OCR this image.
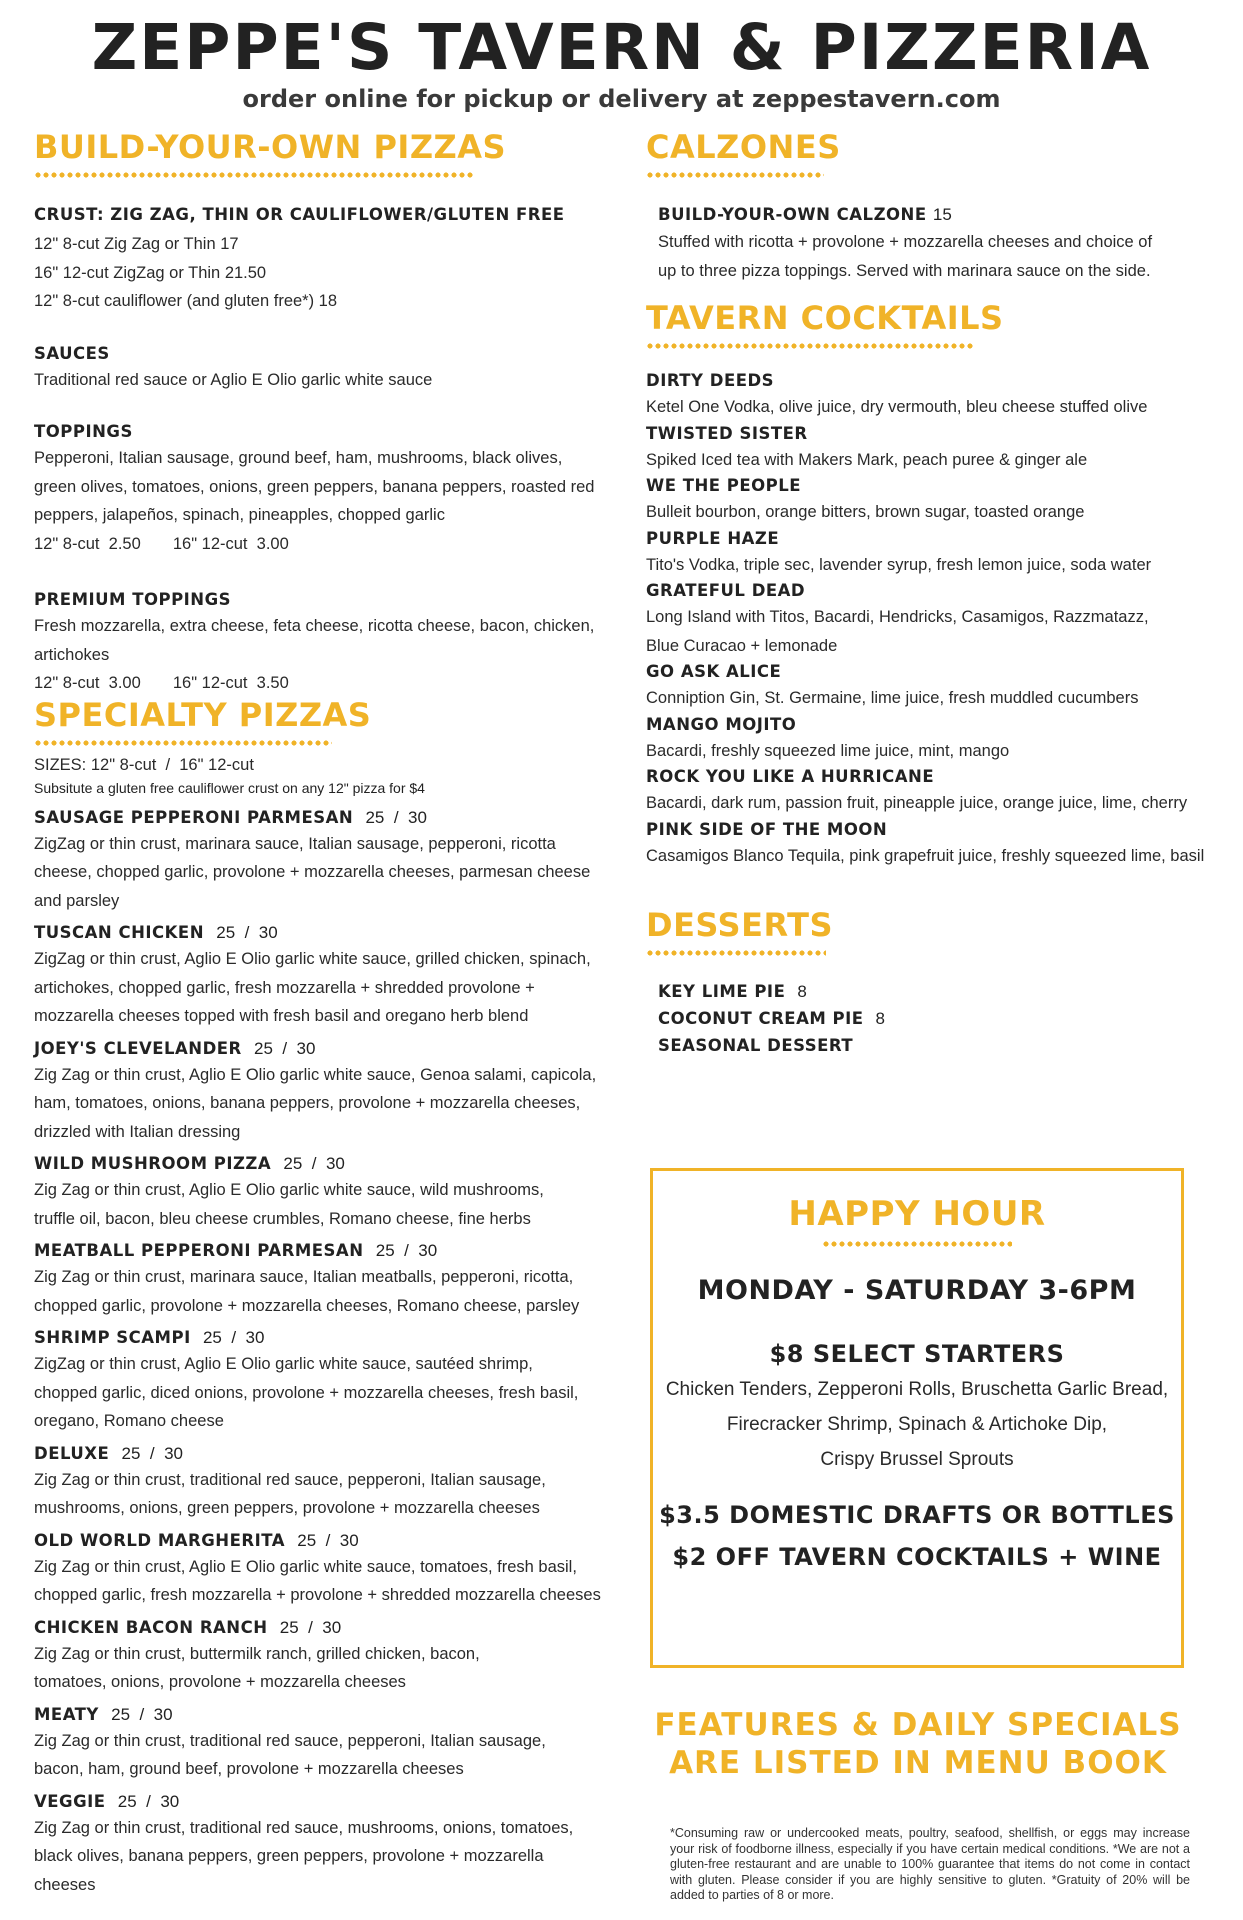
ZEPPE'S TAVERN & PIZZERIA
order online for pickup or delivery at zeppestavern.com
BUILD-YOUR-OWN PIZZAS
CRUST: ZIG ZAG, THIN OR CAULIFLOWER/GLUTEN FREE
12" 8-cut Zig Zag or Thin 17
16" 12-cut ZigZag or Thin 21.50
12" 8-cut cauliflower (and gluten free*) 18
SAUCES
Traditional red sauce or Aglio E Olio garlic white sauce
TOPPINGS
Pepperoni, Italian sausage, ground beef, ham, mushrooms, black olives,
green olives, tomatoes, onions, green peppers, banana peppers, roasted red
peppers, jalapeños, spinach, pineapples, chopped garlic
12" 8-cut  2.50       16" 12-cut  3.00
PREMIUM TOPPINGS
Fresh mozzarella, extra cheese, feta cheese, ricotta cheese, bacon, chicken,
artichokes
12" 8-cut  3.00       16" 12-cut  3.50
SPECIALTY PIZZAS
SIZES: 12" 8-cut  /  16" 12-cut
Subsitute a gluten free cauliflower crust on any 12" pizza for $4
SAUSAGE PEPPERONI PARMESAN 25  /  30
ZigZag or thin crust, marinara sauce, Italian sausage, pepperoni, ricotta
cheese, chopped garlic, provolone + mozzarella cheeses, parmesan cheese
and parsley
TUSCAN CHICKEN 25  /  30
ZigZag or thin crust, Aglio E Olio garlic white sauce, grilled chicken, spinach,
artichokes, chopped garlic, fresh mozzarella + shredded provolone +
mozzarella cheeses topped with fresh basil and oregano herb blend
JOEY'S CLEVELANDER 25  /  30
Zig Zag or thin crust, Aglio E Olio garlic white sauce, Genoa salami, capicola,
ham, tomatoes, onions, banana peppers, provolone + mozzarella cheeses,
drizzled with Italian dressing
WILD MUSHROOM PIZZA 25  /  30
Zig Zag or thin crust, Aglio E Olio garlic white sauce, wild mushrooms,
truffle oil, bacon, bleu cheese crumbles, Romano cheese, fine herbs
MEATBALL PEPPERONI PARMESAN 25  /  30
Zig Zag or thin crust, marinara sauce, Italian meatballs, pepperoni, ricotta,
chopped garlic, provolone + mozzarella cheeses, Romano cheese, parsley
SHRIMP SCAMPI 25  /  30
ZigZag or thin crust, Aglio E Olio garlic white sauce, sautéed shrimp,
chopped garlic, diced onions, provolone + mozzarella cheeses, fresh basil,
oregano, Romano cheese
DELUXE 25  /  30
Zig Zag or thin crust, traditional red sauce, pepperoni, Italian sausage,
mushrooms, onions, green peppers, provolone + mozzarella cheeses
OLD WORLD MARGHERITA 25  /  30
Zig Zag or thin crust, Aglio E Olio garlic white sauce, tomatoes, fresh basil,
chopped garlic, fresh mozzarella + provolone + shredded mozzarella cheeses
CHICKEN BACON RANCH 25  /  30
Zig Zag or thin crust, buttermilk ranch, grilled chicken, bacon,
tomatoes, onions, provolone + mozzarella cheeses
MEATY 25  /  30
Zig Zag or thin crust, traditional red sauce, pepperoni, Italian sausage,
bacon, ham, ground beef, provolone + mozzarella cheeses
VEGGIE 25  /  30
Zig Zag or thin crust, traditional red sauce, mushrooms, onions, tomatoes,
black olives, banana peppers, green peppers, provolone + mozzarella cheeses
CALZONES
BUILD-YOUR-OWN CALZONE 15
Stuffed with ricotta + provolone + mozzarella cheeses and choice of
up to three pizza toppings. Served with marinara sauce on the side.
TAVERN COCKTAILS
DIRTY DEEDS
Ketel One Vodka, olive juice, dry vermouth, bleu cheese stuffed olive
TWISTED SISTER
Spiked Iced tea with Makers Mark, peach puree & ginger ale
WE THE PEOPLE
Bulleit bourbon, orange bitters, brown sugar, toasted orange
PURPLE HAZE
Tito's Vodka, triple sec, lavender syrup, fresh lemon juice, soda water
GRATEFUL DEAD
Long Island with Titos, Bacardi, Hendricks, Casamigos, Razzmatazz,
Blue Curacao + lemonade
GO ASK ALICE
Conniption Gin, St. Germaine, lime juice, fresh muddled cucumbers
MANGO MOJITO
Bacardi, freshly squeezed lime juice, mint, mango
ROCK YOU LIKE A HURRICANE
Bacardi, dark rum, passion fruit, pineapple juice, orange juice, lime, cherry
PINK SIDE OF THE MOON
Casamigos Blanco Tequila, pink grapefruit juice, freshly squeezed lime, basil
DESSERTS
KEY LIME PIE 8
COCONUT CREAM PIE 8
SEASONAL DESSERT
HAPPY HOUR
MONDAY - SATURDAY 3-6PM
$8 SELECT STARTERS
Chicken Tenders, Zepperoni Rolls, Bruschetta Garlic Bread,
Firecracker Shrimp, Spinach & Artichoke Dip,
Crispy Brussel Sprouts
$3.5 DOMESTIC DRAFTS OR BOTTLES
$2 OFF TAVERN COCKTAILS + WINE
FEATURES & DAILY SPECIALS
ARE LISTED IN MENU BOOK
*Consuming raw or undercooked meats, poultry, seafood, shellfish, or eggs may increase your risk of foodborne illness, especially if you have certain medical conditions. *We are not a gluten-free restaurant and are unable to 100% guarantee that items do not come in contact with gluten. Please consider if you are highly sensitive to gluten. *Gratuity of 20% will be added to parties of 8 or more.
